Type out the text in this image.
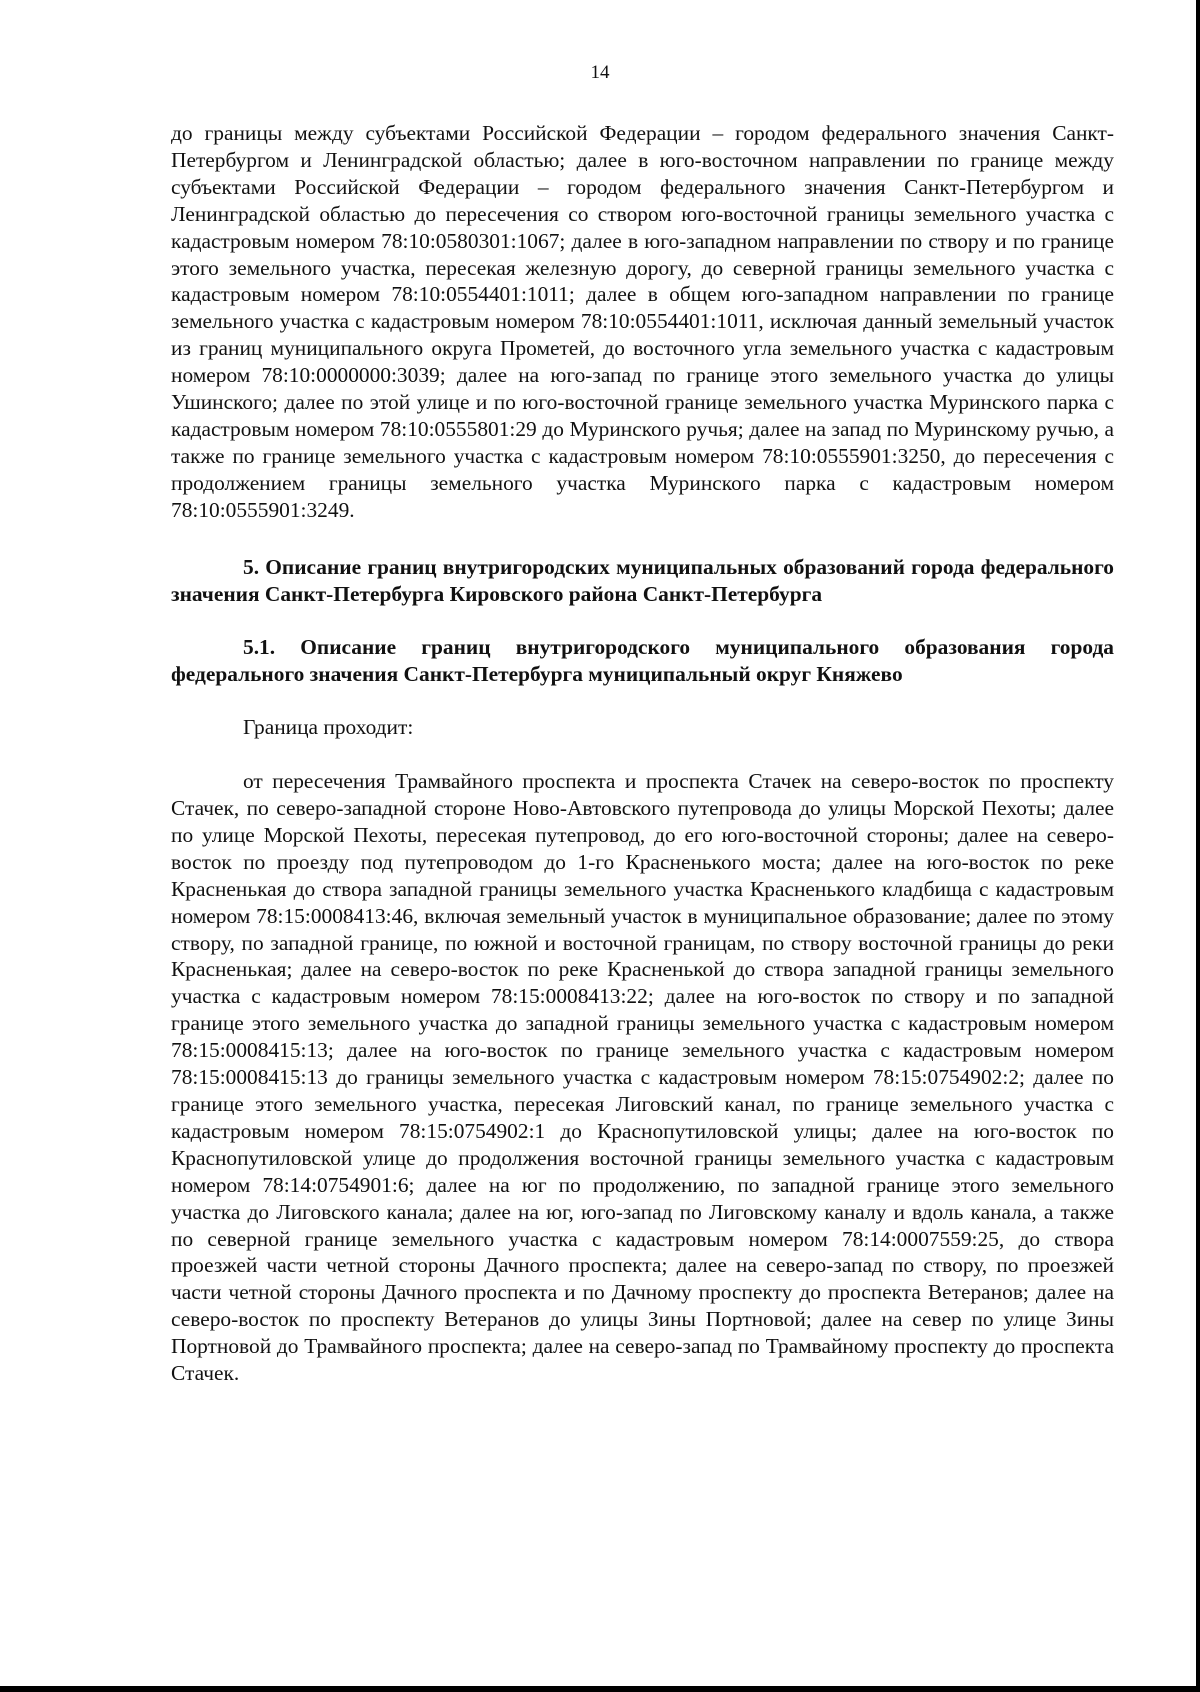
14

до границы между субъектами Российской Федерации – городом федерального значения Санкт-Петербургом и Ленинградской областью; далее в юго-восточном направлении по границе между субъектами Российской Федерации – городом федерального значения Санкт-Петербургом и Ленинградской областью до пересечения со створом юго-восточной границы земельного участка с кадастровым номером 78:10:0580301:1067; далее в юго-западном направлении по створу и по границе этого земельного участка, пересекая железную дорогу, до северной границы земельного участка с кадастровым номером 78:10:0554401:1011; далее в общем юго-западном направлении по границе земельного участка с кадастровым номером 78:10:0554401:1011, исключая данный земельный участок из границ муниципального округа Прометей, до восточного угла земельного участка с кадастровым номером 78:10:0000000:3039; далее на юго-запад по границе этого земельного участка до улицы Ушинского; далее по этой улице и по юго-восточной границе земельного участка Муринского парка с кадастровым номером 78:10:0555801:29 до Муринского ручья; далее на запад по Муринскому ручью, а также по границе земельного участка с кадастровым номером 78:10:0555901:3250, до пересечения с продолжением границы земельного участка Муринского парка с кадастровым номером 78:10:0555901:3249.

5. Описание границ внутригородских муниципальных образований города федерального значения Санкт-Петербурга Кировского района Санкт-Петербурга

5.1. Описание границ внутригородского муниципального образования города федерального значения Санкт-Петербурга муниципальный округ Княжево

Граница проходит:

от пересечения Трамвайного проспекта и проспекта Стачек на северо-восток по проспекту Стачек, по северо-западной стороне Ново-Автовского путепровода до улицы Морской Пехоты; далее по улице Морской Пехоты, пересекая путепровод, до его юго-восточной стороны; далее на северо-восток по проезду под путепроводом до 1-го Красненького моста; далее на юго-восток по реке Красненькая до створа западной границы земельного участка Красненького кладбища с кадастровым номером 78:15:0008413:46, включая земельный участок в муниципальное образование; далее по этому створу, по западной границе, по южной и восточной границам, по створу восточной границы до реки Красненькая; далее на северо-восток по реке Красненькой до створа западной границы земельного участка с кадастровым номером 78:15:0008413:22; далее на юго-восток по створу и по западной границе этого земельного участка до западной границы земельного участка с кадастровым номером 78:15:0008415:13; далее на юго-восток по границе земельного участка с кадастровым номером 78:15:0008415:13 до границы земельного участка с кадастровым номером 78:15:0754902:2; далее по границе этого земельного участка, пересекая Лиговский канал, по границе земельного участка с кадастровым номером 78:15:0754902:1 до Краснопутиловской улицы; далее на юго-восток по Краснопутиловской улице до продолжения восточной границы земельного участка с кадастровым номером 78:14:0754901:6; далее на юг по продолжению, по западной границе этого земельного участка до Лиговского канала; далее на юг, юго-запад по Лиговскому каналу и вдоль канала, а также по северной границе земельного участка с кадастровым номером 78:14:0007559:25, до створа проезжей части четной стороны Дачного проспекта; далее на северо-запад по створу, по проезжей части четной стороны Дачного проспекта и по Дачному проспекту до проспекта Ветеранов; далее на северо-восток по проспекту Ветеранов до улицы Зины Портновой; далее на север по улице Зины Портновой до Трамвайного проспекта; далее на северо-запад по Трамвайному проспекту до проспекта Стачек.
